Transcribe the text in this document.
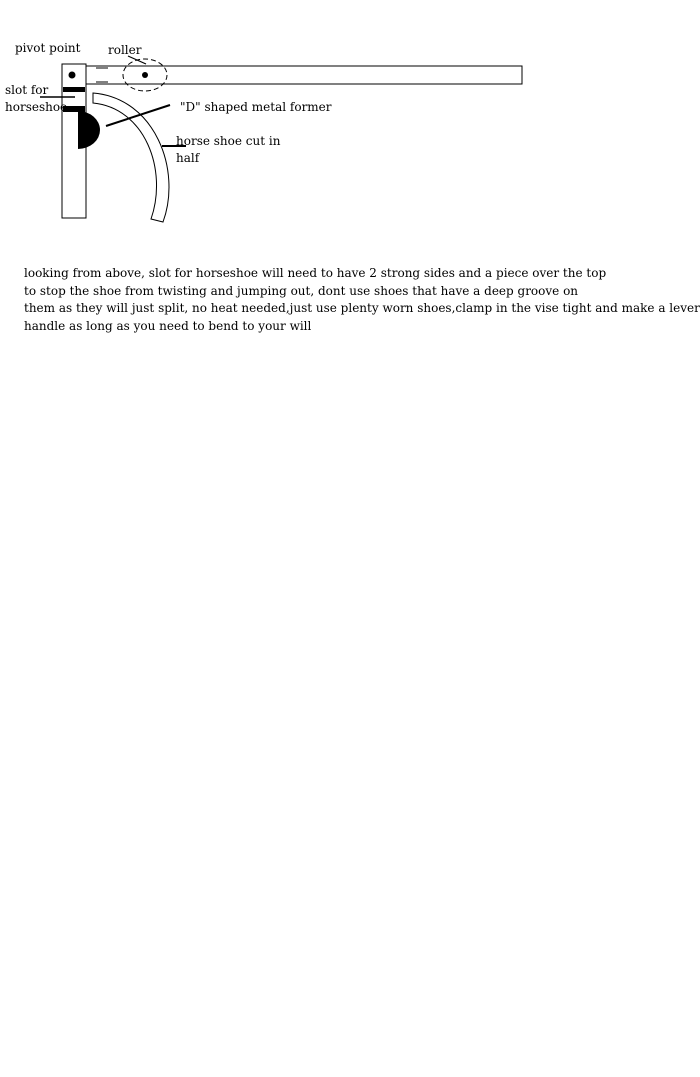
pivot point roller
slot for
horseshoe	"D" shaped metal former
horse shoe cut in
half
looking from above, slot for horseshoe will need to have 2 strong sides and a piece over the top
to stop the shoe from twisting and jumping out, dont use shoes that have a deep groove on
them as they will just split, no heat needed,just use plenty worn shoes,clamp in the vise tight and make a lever
handle as long as you need to bend to your will
